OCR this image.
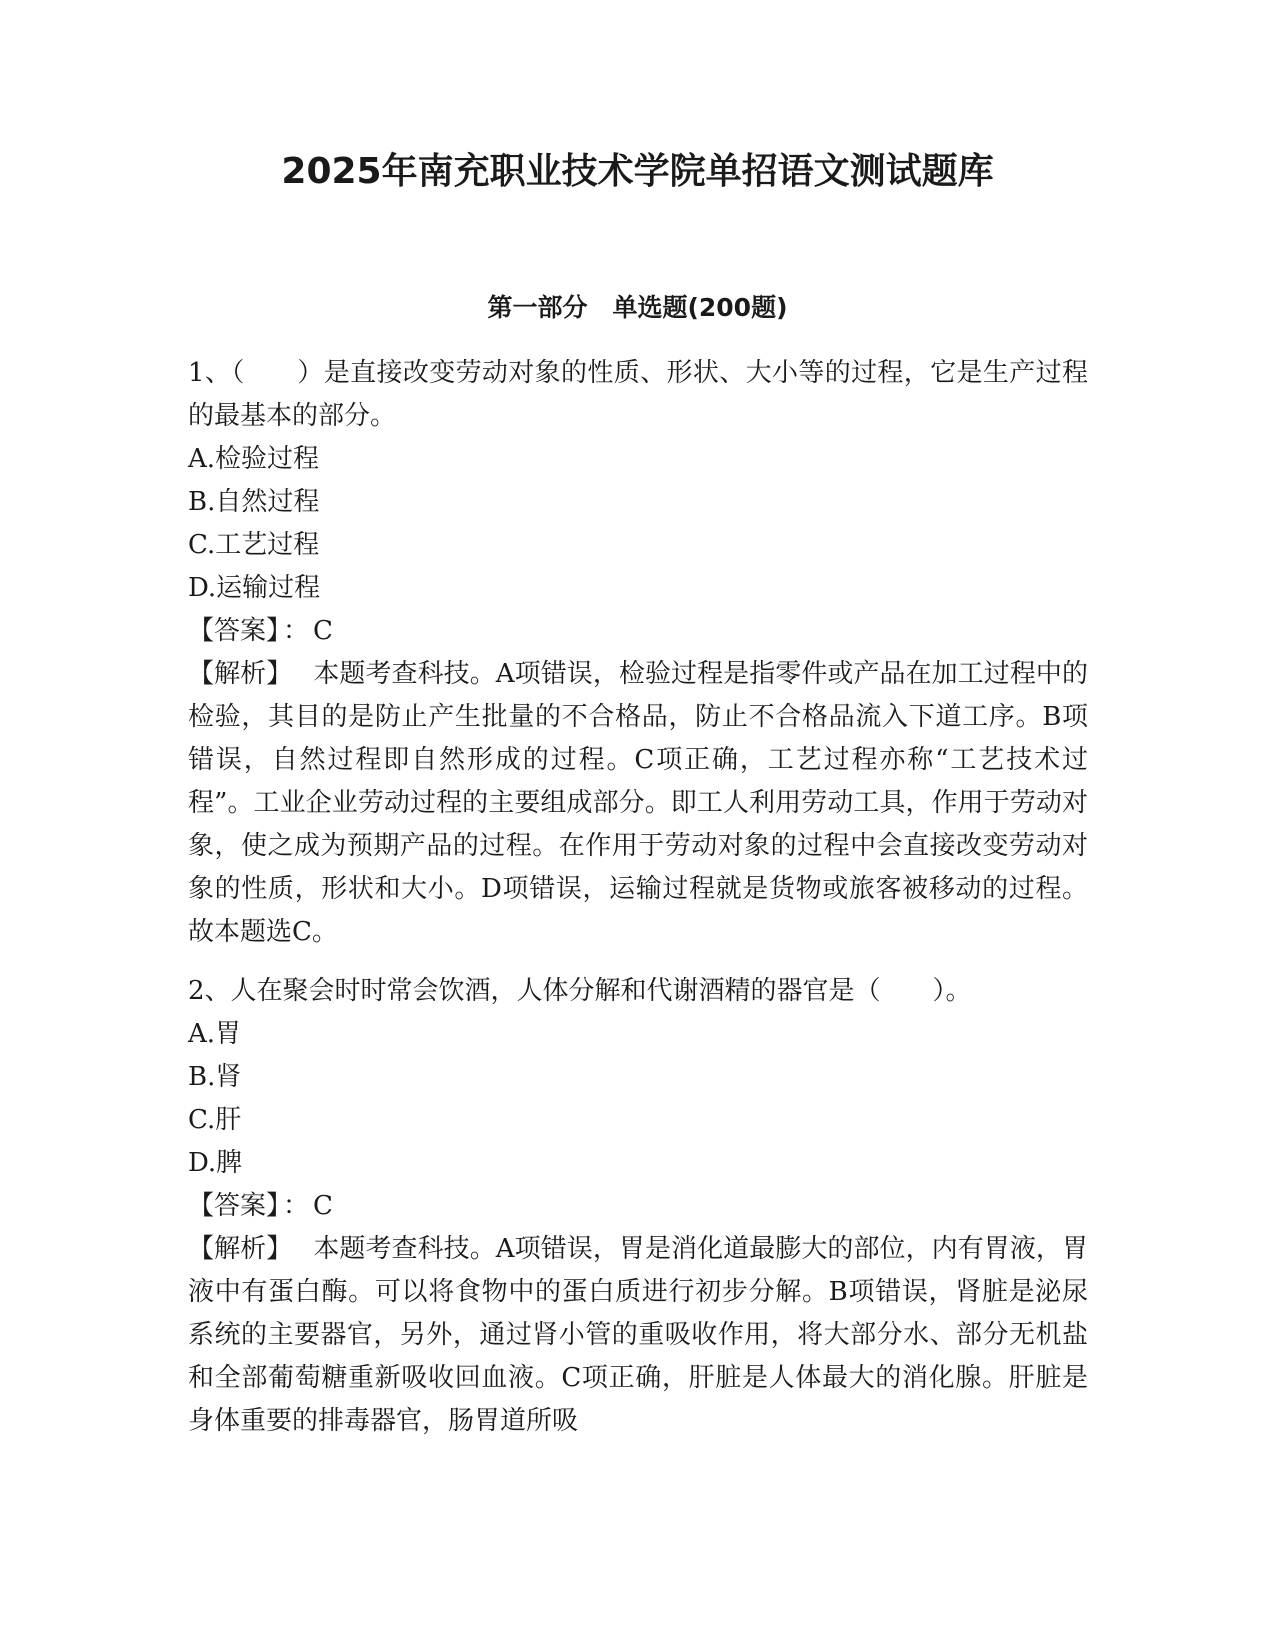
2025年南充职业技术学院单招语文测试题库
第一部分　单选题(200题)

1、（　　）是直接改变劳动对象的性质、形状、大小等的过程，它是生产过程的最基本的部分。

A.检验过程

B.自然过程

C.工艺过程

D.运输过程

【答案】 ： C

【解析】　 本题考查科技。A项错误，检验过程是指零件或产品在加工过程中的检验，其目的是防止产生批量的不合格品，防止不合格品流入下道工序。B项错误，自然过程即自然形成的过程。C项正确，工艺过程亦称“工艺技术过程”。工业企业劳动过程的主要组成部分。即工人利用劳动工具，作用于劳动对象，使之成为预期产品的过程。在作用于劳动对象的过程中会直接改变劳动对象的性质，形状和大小。D项错误，运输过程就是货物或旅客被移动的过程。故本题选C。

2、人在聚会时时常会饮酒，人体分解和代谢酒精的器官是（　　）。

A.胃

B.肾

C.肝

D.脾

【答案】 ： C

【解析】　 本题考查科技。A项错误，胃是消化道最膨大的部位，内有胃液，胃液中有蛋白酶。可以将食物中的蛋白质进行初步分解。B项错误，肾脏是泌尿系统的主要器官，另外，通过肾小管的重吸收作用，将大部分水、部分无机盐和全部葡萄糖重新吸收回血液。C项正确，肝脏是人体最大的消化腺。肝脏是身体重要的排毒器官，肠胃道所吸
